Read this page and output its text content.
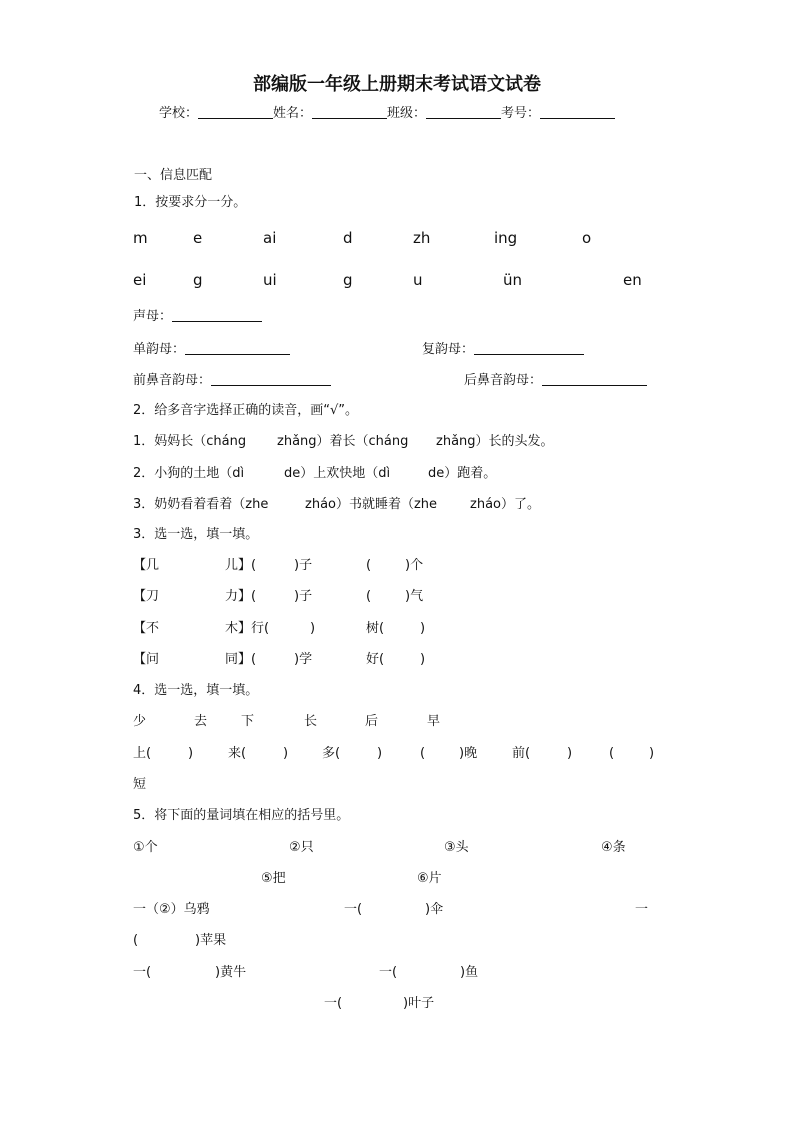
部编版一年级上册期末考试语文试卷
学校：	姓名：	班级：	考号：
一、信息匹配
1．按要求分一分。
m	e	ai	d	zh	ing	o
ei	g	ui	g	u	ün	en
声母：
单韵母：	复韵母：
前鼻音韵母：	后鼻音韵母：
2．给多音字选择正确的读音，画“√”。
1．妈妈长（cháng zhǎng）着长（cháng zhǎng）长的头发。
2．小狗的土地（dì	de）上欢快地（dì	de）跑着。
3．奶奶看着看着（zhe	zháo）书就睡着（zhe	zháo）了。
3．选一选，填一填。
【几	儿】(	)子	(	)个
【刀	力】(	)子	(	)气
【不	木】行(	)	树(	)
【问	同】(	)学	好(	)
4．选一选，填一填。
少	去	下	长	后	早
上(	)	来(	)	多(	)	(	)晚	前(	)	(	)
短
5．将下面的量词填在相应的括号里。
①个	②只	③头	④条
⑤把	⑥片
一（②）乌鸦	一(	)伞	一
(	)苹果
一(	)黄牛	一(	)鱼
一(	)叶子
